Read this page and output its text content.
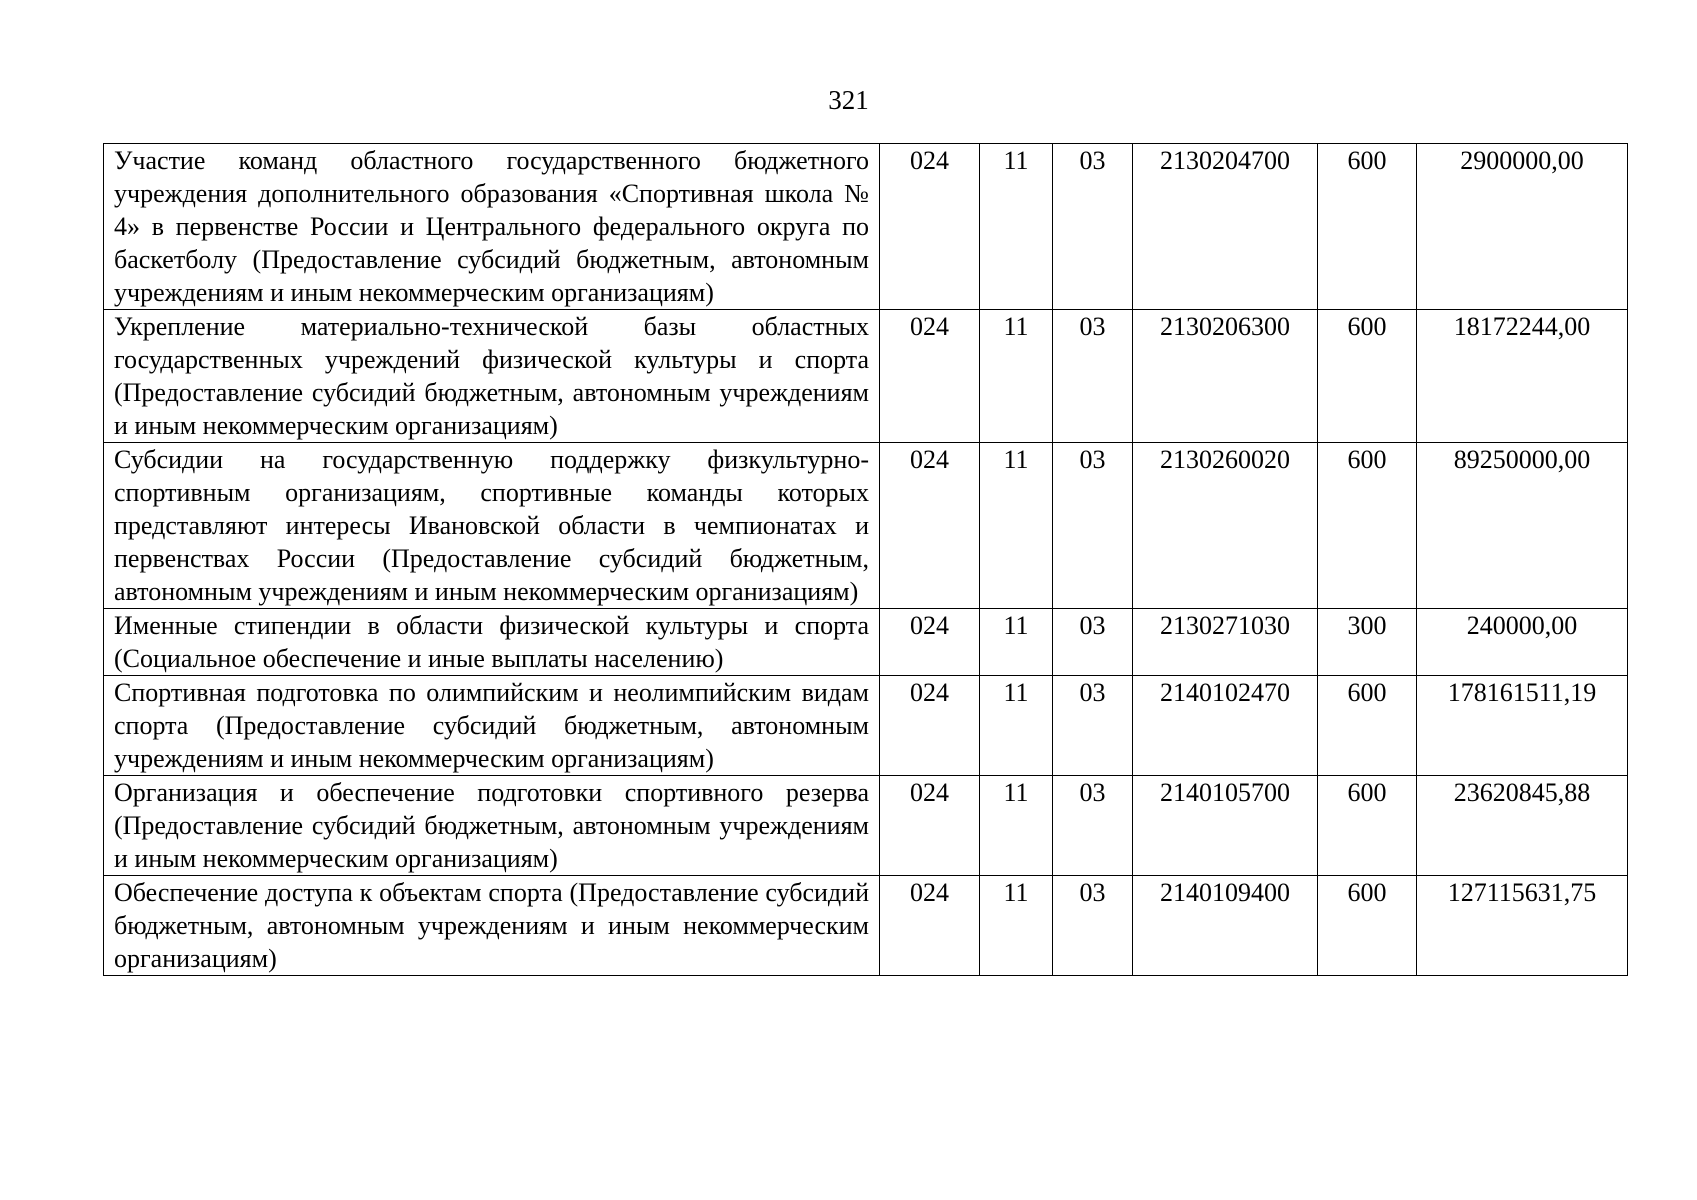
321
Участие команд областного государственного бюджетного учреждения дополнительного образования «Спортивная школа № 4» в первенстве России и Центрального федерального округа по баскетболу (Предоставление субсидий бюджетным, автономным учреждениям и иным некоммерческим организациям)	024	11	03	2130204700	600	2900000,00
Укрепление материально-технической базы областных государственных учреждений физической культуры и спорта (Предоставление субсидий бюджетным, автономным учреждениям и иным некоммерческим организациям)	024	11	03	2130206300	600	18172244,00
Субсидии на государственную поддержку физкультурно-спортивным организациям, спортивные команды которых представляют интересы Ивановской области в чемпионатах и первенствах России (Предоставление субсидий бюджетным, автономным учреждениям и иным некоммерческим организациям)	024	11	03	2130260020	600	89250000,00
Именные стипендии в области физической культуры и спорта (Социальное обеспечение и иные выплаты населению)	024	11	03	2130271030	300	240000,00
Спортивная подготовка по олимпийским и неолимпийским видам спорта (Предоставление субсидий бюджетным, автономным учреждениям и иным некоммерческим организациям)	024	11	03	2140102470	600	178161511,19
Организация и обеспечение подготовки спортивного резерва (Предоставление субсидий бюджетным, автономным учреждениям и иным некоммерческим организациям)	024	11	03	2140105700	600	23620845,88
Обеспечение доступа к объектам спорта (Предоставление субсидий бюджетным, автономным учреждениям и иным некоммерческим организациям)	024	11	03	2140109400	600	127115631,75
